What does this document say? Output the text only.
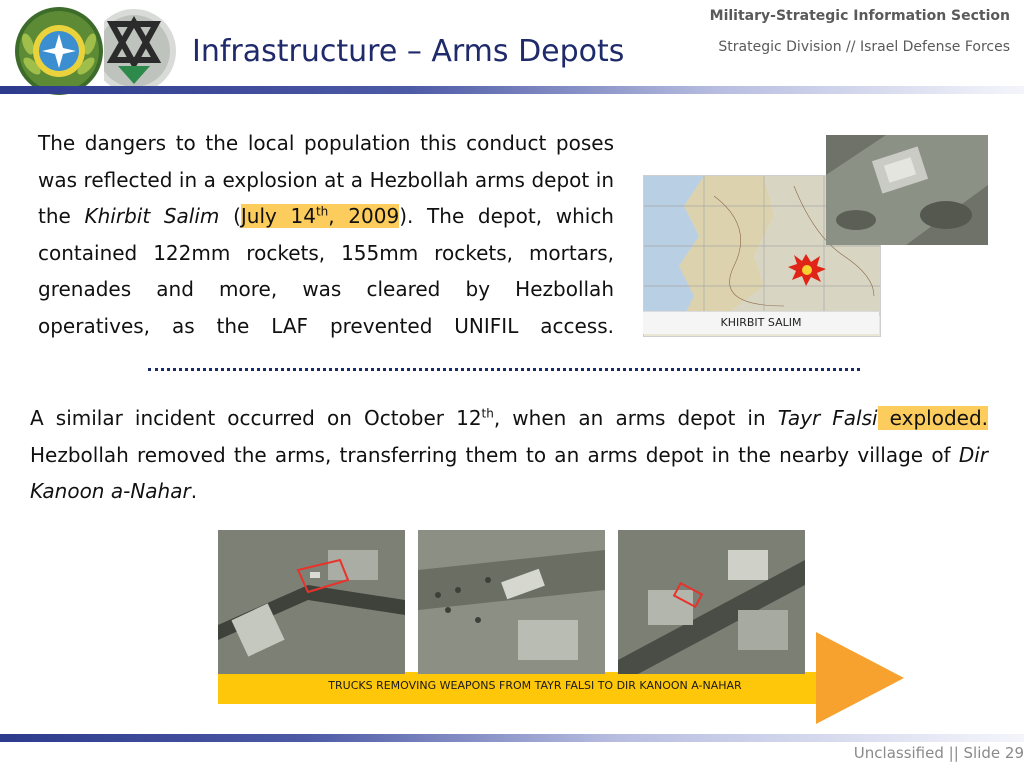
Infrastructure – Arms Depots
Military-Strategic Information Section
Strategic Division // Israel Defense Forces
The dangers to the local population this conduct poses was reflected in a explosion at a Hezbollah arms depot in the Khirbit Salim (July 14th, 2009). The depot, which contained 122mm rockets, 155mm rockets, mortars, grenades and more, was cleared by Hezbollah operatives, as the LAF prevented UNIFIL access.	KHIRBIT SALIM
A similar incident occurred on October 12th, when an arms depot in Tayr Falsi exploded. Hezbollah removed the arms, transferring them to an arms depot in the nearby village of Dir Kanoon a-Nahar.
TRUCKS REMOVING WEAPONS FROM TAYR FALSI TO DIR KANOON A-NAHAR
Unclassified || Slide 29
